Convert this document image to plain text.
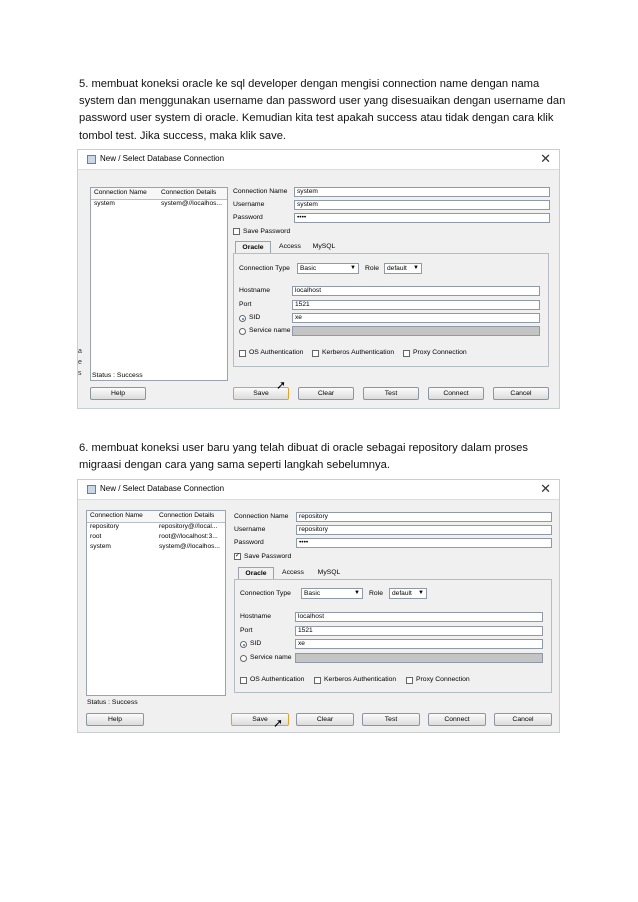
5. membuat koneksi oracle ke sql developer dengan mengisi connection name dengan nama system dan menggunakan username dan password user yang disesuaikan dengan username dan password user system di oracle. Kemudian kita test apakah success atau tidak dengan cara klik tombol test. Jika success, maka klik save.

New / Select Database Connection	✕
a
e
s
Connection Name Connection Details
system	system@//localhos...
Connection Name	system
Username	system
Password	••••
Save Password
Oracle	Access	MySQL
Connection Type	Basic	▼ Role	default ▼
Hostname	localhost
Port	1521
SID	xe
Service name
OS Authentication	Kerberos Authentication	Proxy Connection
Status : Success
Help	Save	Clear	Test	Connect	Cancel
➚

6. membuat koneksi user baru yang telah dibuat di oracle sebagai repository dalam proses migraasi dengan cara yang sama seperti langkah sebelumnya.

New / Select Database Connection	✕
Connection Name Connection Details
repository	repository@//local...
root	root@//localhost:3...
system	system@//localhos...
Connection Name	repository
Username	repository
Password	••••
✓ Save Password
Oracle	Access	MySQL
Connection Type	Basic	▼ Role	default ▼
Hostname	localhost
Port	1521
SID	xe
Service name
OS Authentication	Kerberos Authentication	Proxy Connection
Status : Success
Help	Save	Clear	Test	Connect	Cancel
➚
